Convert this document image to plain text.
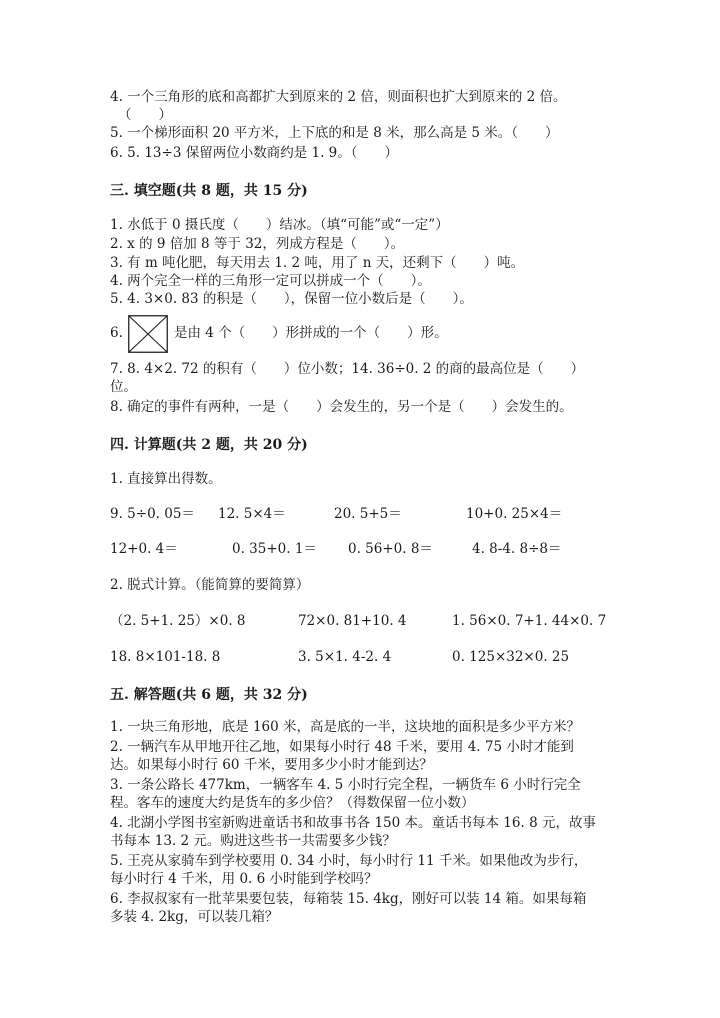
4. 一个三角形的底和高都扩大到原来的 2 倍，则面积也扩大到原来的 2 倍。
（　　）
5. 一个梯形面积 20 平方米，上下底的和是 8 米，那么高是 5 米。（　　）
6. 5. 13÷3 保留两位小数商约是 1. 9。（　　）
三. 填空题(共 8 题，共 15 分)
1. 水低于 0 摄氏度（　　）结冰。（填“可能”或“一定”）
2. x 的 9 倍加 8 等于 32，列成方程是（　　）。
3. 有 m 吨化肥，每天用去 1. 2 吨，用了 n 天，还剩下（　　）吨。
4. 两个完全一样的三角形一定可以拼成一个（　　）。
5. 4. 3×0. 83 的积是（　　），保留一位小数后是（　　）。
6.	是由 4 个（　　）形拼成的一个（　　）形。
7. 8. 4×2. 72 的积有（　　）位小数；14. 36÷0. 2 的商的最高位是（　　）
位。
8. 确定的事件有两种，一是（　　）会发生的，另一个是（　　）会发生的。
四. 计算题(共 2 题，共 20 分)
1. 直接算出得数。
9. 5÷0. 05＝ 12. 5×4＝	20. 5+5＝	10+0. 25×4＝
12+0. 4＝	0. 35+0. 1＝ 0. 56+0. 8＝	4. 8-4. 8÷8＝
2. 脱式计算。（能简算的要简算）
（2. 5+1. 25）×0. 8	72×0. 81+10. 4	1. 56×0. 7+1. 44×0. 7
18. 8×101-18. 8	3. 5×1. 4-2. 4	0. 125×32×0. 25
五. 解答题(共 6 题，共 32 分)
1. 一块三角形地，底是 160 米，高是底的一半，这块地的面积是多少平方米？
2. 一辆汽车从甲地开往乙地，如果每小时行 48 千米，要用 4. 75 小时才能到
达。如果每小时行 60 千米，要用多少小时才能到达？
3. 一条公路长 477km，一辆客车 4. 5 小时行完全程，一辆货车 6 小时行完全
程。客车的速度大约是货车的多少倍？（得数保留一位小数）
4. 北湖小学图书室新购进童话书和故事书各 150 本。童话书每本 16. 8 元，故事
书每本 13. 2 元。购进这些书一共需要多少钱？
5. 王亮从家骑车到学校要用 0. 34 小时，每小时行 11 千米。如果他改为步行，
每小时行 4 千米，用 0. 6 小时能到学校吗？
6. 李叔叔家有一批苹果要包装，每箱装 15. 4kg，刚好可以装 14 箱。如果每箱
多装 4. 2kg，可以装几箱？
